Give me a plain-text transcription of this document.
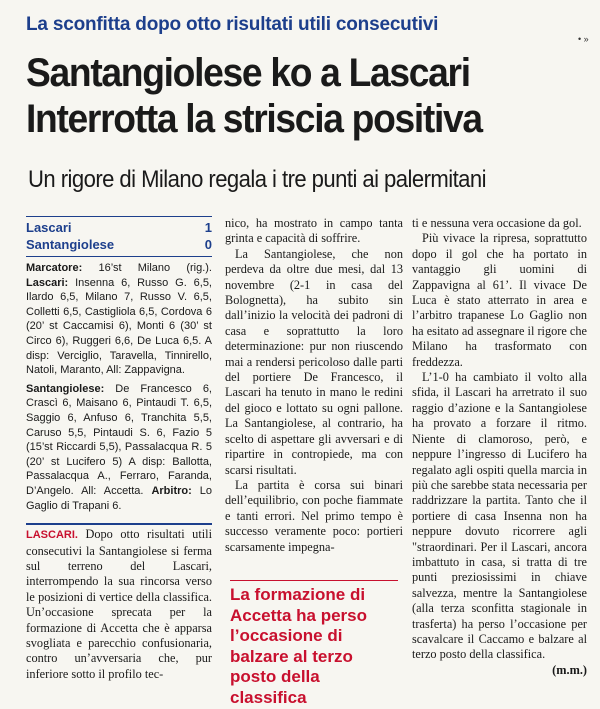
La sconfitta dopo otto risultati utili consecutivi
• »
Santangiolese ko a Lascari
Interrotta la striscia positiva
Un rigore di Milano regala i tre punti ai palermitani
Lascari	1
Santangiolese	0

Marcatore: 16’st Milano (rig.). Lascari: Insenna 6, Russo G. 6,5, Ilardo 6,5, Milano 7, Russo V. 6,5, Colletti 6,5, Castigliola 6,5, Cordova 6 (20’ st Caccamisi 6), Monti 6 (30’ st Circo 6), Ruggeri 6,6, De Luca 6,5. A disp: Verciglio, Taravella, Tinnirello, Natoli, Maranto, All: Zappavigna.

Santangiolese: De Francesco 6, Crascì 6, Maisano 6, Pintaudi T. 6,5, Saggio 6, Anfuso 6, Tranchita 5,5, Caruso 5,5, Pintaudi S. 6, Fazio 5 (15’st Riccardi 5,5), Passalacqua R. 5 (20’ st Lucifero 5) A disp: Ballotta, Passalacqua A., Ferraro, Faranda, D’Angelo. All: Accetta. Arbitro: Lo Gaglio di Trapani 6.

LASCARI. Dopo otto risultati utili consecutivi la Santangiolese si ferma sul terreno del Lascari, interrompendo la sua rincorsa verso le posizioni di vertice della classifica. Un’occasione sprecata per la formazione di Accetta che è apparsa svogliata e parecchio confusionaria, contro un’avversaria che, pur inferiore sotto il profilo tec-

nico, ha mostrato in campo tanta grinta e capacità di soffrire.

La Santangiolese, che non perdeva da oltre due mesi, dal 13 novembre (2-1 in casa del Bolognetta), ha subito sin dall’inizio la velocità dei padroni di casa e soprattutto la loro determinazione: pur non riuscendo mai a rendersi pericoloso dalle parti del portiere De Francesco, il Lascari ha tenuto in mano le redini del gioco e lottato su ogni pallone. La Santangiolese, al contrario, ha scelto di aspettare gli avversari e di ripartire in contropiede, ma con scarsi risultati.

La partita è corsa sui binari dell’equilibrio, con poche fiammate e tanti errori. Nel primo tempo è successo veramente poco: portieri scarsamente impegna-

La formazione di Accetta ha perso l’occasione di balzare al terzo posto della classifica

ti e nessuna vera occasione da gol.

Più vivace la ripresa, soprattutto dopo il gol che ha portato in vantaggio gli uomini di Zappavigna al 61’. Il vivace De Luca è stato atterrato in area e l’arbitro trapanese Lo Gaglio non ha esitato ad assegnare il rigore che Milano ha trasformato con freddezza.

L’1-0 ha cambiato il volto alla sfida, il Lascari ha arretrato il suo raggio d’azione e la Santangiolese ha provato a forzare il ritmo. Niente di clamoroso, però, e neppure l’ingresso di Lucifero ha regalato agli ospiti quella marcia in più che sarebbe stata necessaria per raddrizzare la partita. Tanto che il portiere di casa Insenna non ha neppure dovuto ricorrere agli "straordinari. Per il Lascari, ancora imbattuto in casa, si tratta di tre punti preziosissimi in chiave salvezza, mentre la Santangiolese (alla terza sconfitta stagionale in trasferta) ha perso l’occasione per scavalcare il Caccamo e balzare al terzo posto della classifica.

(m.m.)
